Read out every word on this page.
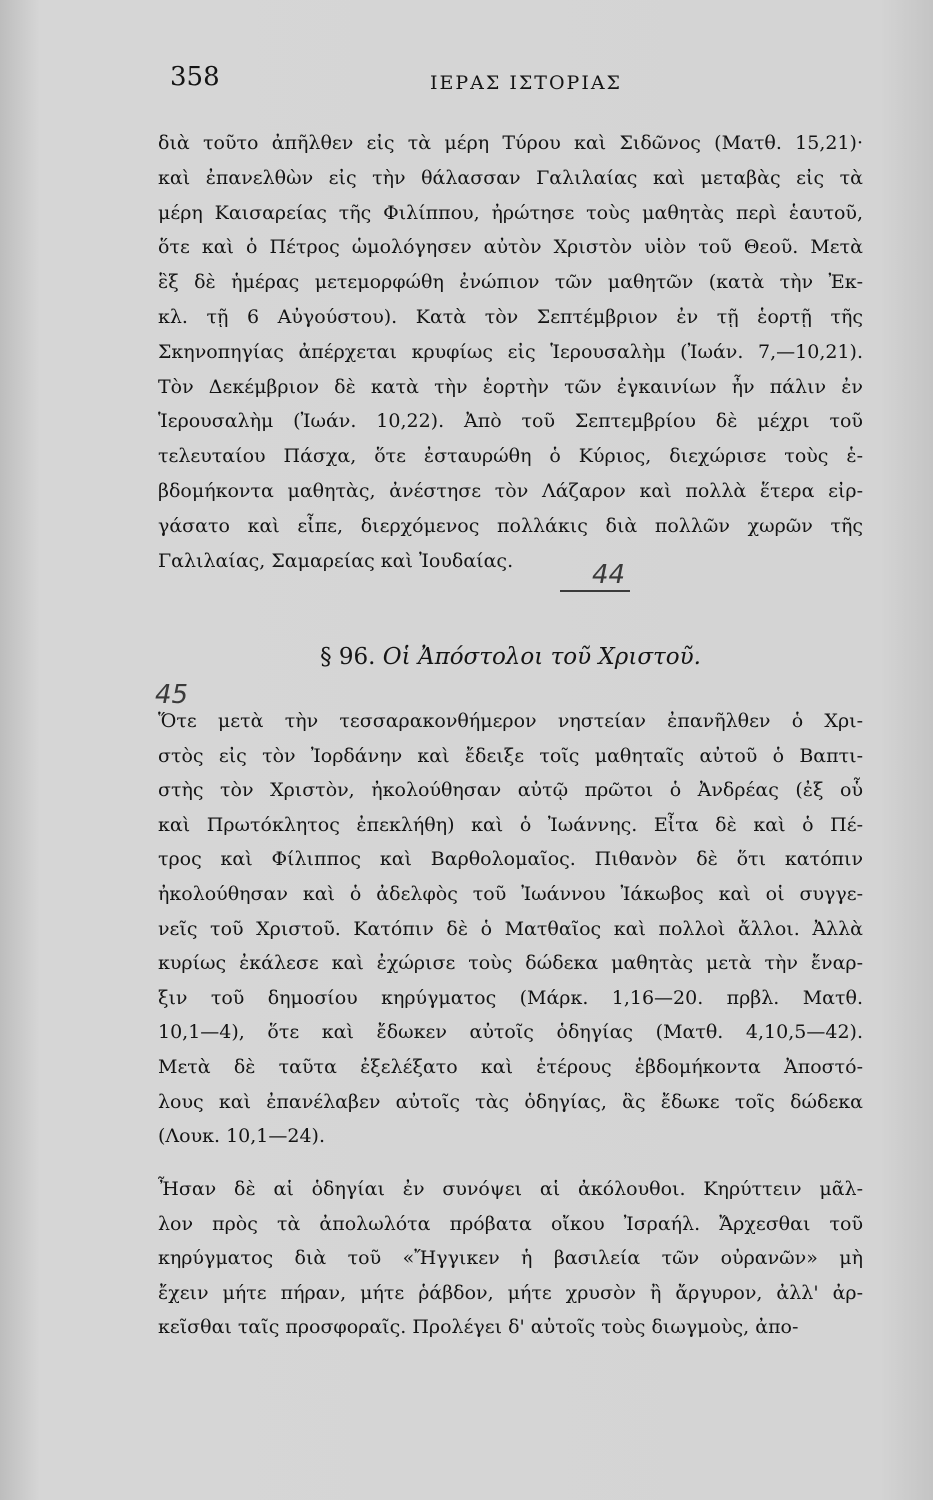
358	ΙΕΡΑΣ ΙΣΤΟΡΙΑΣ
διὰ τοῦτο ἀπῆλθεν εἰς τὰ μέρη Τύρου καὶ Σιδῶνος (Ματθ. 15,21)·
καὶ ἐπανελθὼν εἰς τὴν θάλασσαν Γαλιλαίας καὶ μεταβὰς εἰς τὰ
μέρη Καισαρείας τῆς Φιλίππου, ἠρώτησε τοὺς μαθητὰς περὶ ἑαυτοῦ,
ὅτε καὶ ὁ Πέτρος ὡμολόγησεν αὐτὸν Χριστὸν υἱὸν τοῦ Θεοῦ. Μετὰ
ἓξ δὲ ἡμέρας μετεμορφώθη ἐνώπιον τῶν μαθητῶν (κατὰ τὴν Ἐκ-
κλ. τῇ 6 Αὐγούστου). Κατὰ τὸν Σεπτέμβριον ἐν τῇ ἑορτῇ τῆς
Σκηνοπηγίας ἀπέρχεται κρυφίως εἰς Ἱερουσαλὴμ (Ἰωάν. 7,—10,21).
Τὸν Δεκέμβριον δὲ κατὰ τὴν ἑορτὴν τῶν ἐγκαινίων ἦν πάλιν ἐν
Ἱερουσαλὴμ (Ἰωάν. 10,22). Ἀπὸ τοῦ Σεπτεμβρίου δὲ μέχρι τοῦ
τελευταίου Πάσχα, ὅτε ἐσταυρώθη ὁ Κύριος, διεχώρισε τοὺς ἑ-
βδομήκοντα μαθητὰς, ἀνέστησε τὸν Λάζαρον καὶ πολλὰ ἕτερα εἰρ-
γάσατο καὶ εἶπε, διερχόμενος πολλάκις διὰ πολλῶν χωρῶν τῆς
Γαλιλαίας, Σαμαρείας καὶ Ἰουδαίας.	44
§ 96. Οἱ Ἀπόστολοι τοῦ Χριστοῦ.
45
Ὅτε μετὰ τὴν τεσσαρακονθήμερον νηστείαν ἐπανῆλθεν ὁ Χρι-
στὸς εἰς τὸν Ἰορδάνην καὶ ἔδειξε τοῖς μαθηταῖς αὐτοῦ ὁ Βαπτι-
στὴς τὸν Χριστὸν, ἠκολούθησαν αὐτῷ πρῶτοι ὁ Ἀνδρέας (ἐξ οὗ
καὶ Πρωτόκλητος ἐπεκλήθη) καὶ ὁ Ἰωάννης. Εἶτα δὲ καὶ ὁ Πέ-
τρος καὶ Φίλιππος καὶ Βαρθολομαῖος. Πιθανὸν δὲ ὅτι κατόπιν
ἠκολούθησαν καὶ ὁ ἀδελφὸς τοῦ Ἰωάννου Ἰάκωβος καὶ οἱ συγγε-
νεῖς τοῦ Χριστοῦ. Κατόπιν δὲ ὁ Ματθαῖος καὶ πολλοὶ ἄλλοι. Ἀλλὰ
κυρίως ἐκάλεσε καὶ ἐχώρισε τοὺς δώδεκα μαθητὰς μετὰ τὴν ἔναρ-
ξιν τοῦ δημοσίου κηρύγματος (Μάρκ. 1,16—20. πρβλ. Ματθ.
10,1—4), ὅτε καὶ ἔδωκεν αὐτοῖς ὁδηγίας (Ματθ. 4,10,5—42).
Μετὰ δὲ ταῦτα ἐξελέξατο καὶ ἑτέρους ἑβδομήκοντα Ἀποστό-
λους καὶ ἐπανέλαβεν αὐτοῖς τὰς ὁδηγίας, ἃς ἔδωκε τοῖς δώδεκα
(Λουκ. 10,1—24).
Ἦσαν δὲ αἱ ὁδηγίαι ἐν συνόψει αἱ ἀκόλουθοι. Κηρύττειν μᾶλ-
λον πρὸς τὰ ἀπολωλότα πρόβατα οἴκου Ἰσραήλ. Ἄρχεσθαι τοῦ
κηρύγματος διὰ τοῦ «Ἤγγικεν ἡ βασιλεία τῶν οὐρανῶν» μὴ
ἔχειν μήτε πήραν, μήτε ῥάβδον, μήτε χρυσὸν ἢ ἄργυρον, ἀλλ' ἀρ-
κεῖσθαι ταῖς προσφοραῖς. Προλέγει δ' αὐτοῖς τοὺς διωγμοὺς, ἀπο-
